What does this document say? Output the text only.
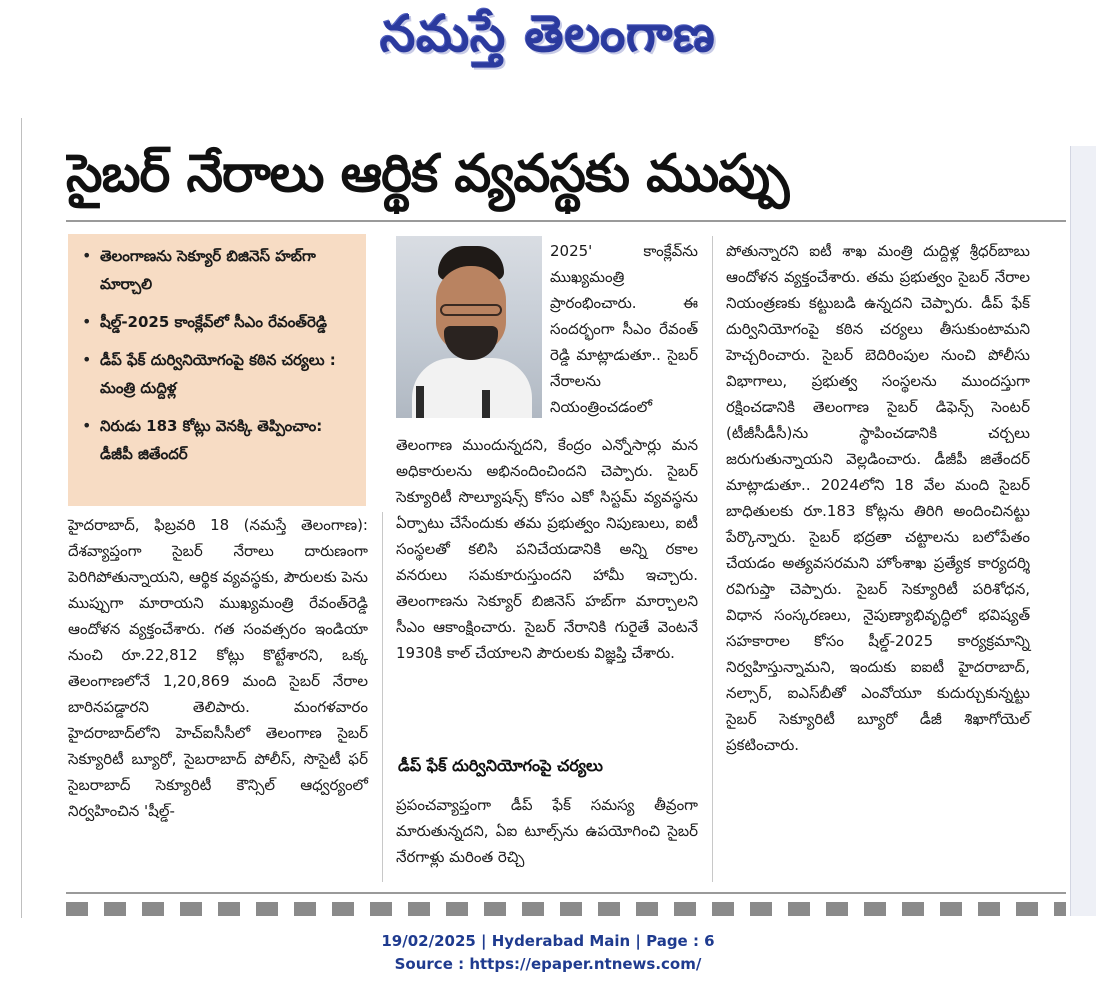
నమస్తే తెలంగాణ
సైబర్ నేరాలు ఆర్థిక వ్యవస్థకు ముప్పు
• తెలంగాణను సెక్యూర్ బిజినెస్ హబ్‌గా మార్చాలి
• షీల్డ్-2025 కాంక్లేవ్‌లో సీఎం రేవంత్‌రెడ్డి
• డీప్ ఫేక్ దుర్వినియోగంపై కఠిన చర్యలు : మంత్రి దుద్దిళ్ల
• నిరుడు 183 కోట్లు వెనక్కి తెప్పించాం: డీజీపీ జితేందర్

హైదరాబాద్, ఫిబ్రవరి 18 (నమస్తే తెలంగాణ): దేశవ్యాప్తంగా సైబర్ నేరాలు దారుణంగా పెరిగిపోతున్నాయని, ఆర్థిక వ్యవస్థకు, పౌరులకు పెను ముప్పుగా మారాయని ముఖ్యమంత్రి రేవంత్‌రెడ్డి ఆందోళన వ్యక్తంచేశారు. గత సంవత్సరం ఇండియా నుంచి రూ.22,812 కోట్లు కొట్టేశారని, ఒక్క తెలంగాణలోనే 1,20,869 మంది సైబర్ నేరాల బారినపడ్డారని తెలిపారు. మంగళవారం హైదరాబాద్‌లోని హెచ్ఐసీసీలో తెలంగాణ సైబర్ సెక్యూరిటీ బ్యూరో, సైబరాబాద్ పోలీస్, సొసైటీ ఫర్ సైబరాబాద్ సెక్యూరిటీ కౌన్సిల్ ఆధ్వర్యంలో నిర్వహించిన 'షీల్డ్-

2025' కాంక్లేవ్‌ను ముఖ్యమంత్రి ప్రారంభించారు. ఈ సందర్భంగా సీఎం రేవంత్ రెడ్డి మాట్లాడుతూ.. సైబర్ నేరాలను నియంత్రించడంలో

తెలంగాణ ముందున్నదని, కేంద్రం ఎన్నోసార్లు మన అధికారులను అభినందించిందని చెప్పారు. సైబర్ సెక్యూరిటీ సొల్యూషన్స్ కోసం ఎకో సిస్టమ్ వ్యవస్థను ఏర్పాటు చేసేందుకు తమ ప్రభుత్వం నిపుణులు, ఐటీ సంస్థలతో కలిసి పనిచేయడానికి అన్ని రకాల వనరులు సమకూరుస్తుందని హామీ ఇచ్చారు. తెలంగాణను సెక్యూర్ బిజినెస్ హబ్‌గా మార్చాలని సీఎం ఆకాంక్షించారు. సైబర్ నేరానికి గురైతే వెంటనే 1930కి కాల్ చేయాలని పౌరులకు విజ్ఞప్తి చేశారు.

డీప్ ఫేక్ దుర్వినియోగంపై చర్యలు

ప్రపంచవ్యాప్తంగా డీప్ ఫేక్ సమస్య తీవ్రంగా మారుతున్నదని, ఏఐ టూల్స్‌ను ఉపయోగించి సైబర్ నేరగాళ్లు మరింత రెచ్చి

పోతున్నారని ఐటీ శాఖ మంత్రి దుద్దిళ్ల శ్రీధర్‌బాబు ఆందోళన వ్యక్తంచేశారు. తమ ప్రభుత్వం సైబర్ నేరాల నియంత్రణకు కట్టుబడి ఉన్నదని చెప్పారు. డీప్ ఫేక్ దుర్వినియోగంపై కఠిన చర్యలు తీసుకుంటామని హెచ్చరించారు. సైబర్ బెదిరింపుల నుంచి పోలీసు విభాగాలు, ప్రభుత్వ సంస్థలను ముందస్తుగా రక్షించడానికి తెలంగాణ సైబర్ డిఫెన్స్ సెంటర్ (టీజీసీడీసీ)ను స్థాపించడానికి చర్చలు జరుగుతున్నాయని వెల్లడించారు. డీజీపీ జితేందర్ మాట్లాడుతూ.. 2024లోని 18 వేల మంది సైబర్ బాధితులకు రూ.183 కోట్లను తిరిగి అందించినట్టు పేర్కొన్నారు. సైబర్ భద్రతా చట్టాలను బలోపేతం చేయడం అత్యవసరమని హోంశాఖ ప్రత్యేక కార్యదర్శి రవిగుప్తా చెప్పారు. సైబర్ సెక్యూరిటీ పరిశోధన, విధాన సంస్కరణలు, నైపుణ్యాభివృద్ధిలో భవిష్యత్ సహకారాల కోసం షీల్డ్-2025 కార్యక్రమాన్ని నిర్వహిస్తున్నామని, ఇందుకు ఐఐటీ హైదరాబాద్, నల్సార్, ఐఎస్‌బీతో ఎంవోయూ కుదుర్చుకున్నట్టు సైబర్ సెక్యూరిటీ బ్యూరో డీజీ శిఖాగోయెల్ ప్రకటించారు.

19/02/2025 | Hyderabad Main | Page : 6
Source : https://epaper.ntnews.com/
